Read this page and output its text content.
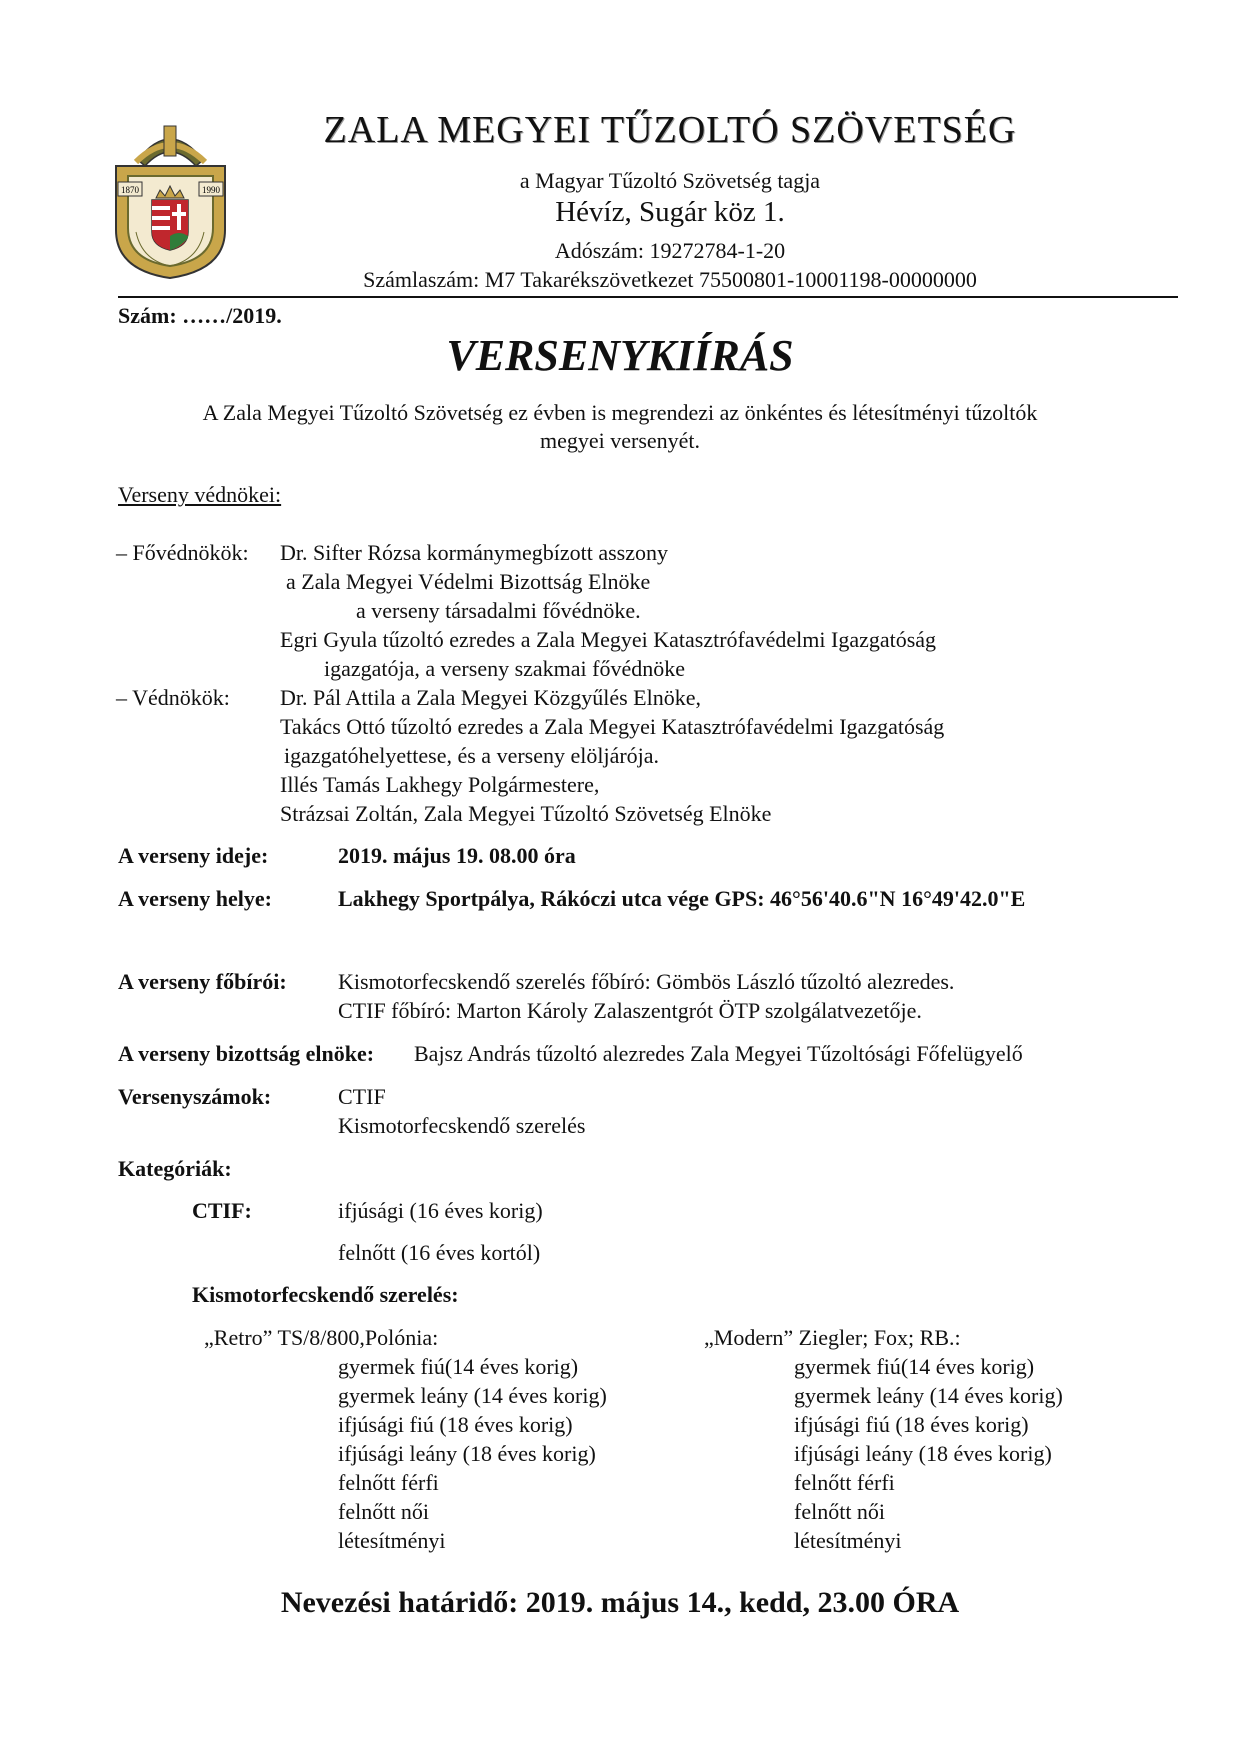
1870	1990
ZALA MEGYEI TŰZOLTÓ SZÖVETSÉG
a Magyar Tűzoltó Szövetség tagja
Hévíz, Sugár köz 1.
Adószám: 19272784-1-20
Számlaszám: M7 Takarékszövetkezet 75500801-10001198-00000000
Szám: ……/2019.
VERSENYKIÍRÁS
A Zala Megyei Tűzoltó Szövetség ez évben is megrendezi az önkéntes és létesítményi tűzoltók
megyei versenyét.
Verseny védnökei:
– Fővédnökök: Dr. Sifter Rózsa kormánymegbízott asszony
a Zala Megyei Védelmi Bizottság Elnöke
a verseny társadalmi fővédnöke.
Egri Gyula tűzoltó ezredes a Zala Megyei Katasztrófavédelmi Igazgatóság
igazgatója, a verseny szakmai fővédnöke
– Védnökök: Dr. Pál Attila a Zala Megyei Közgyűlés Elnöke,
Takács Ottó tűzoltó ezredes a Zala Megyei Katasztrófavédelmi Igazgatóság
igazgatóhelyettese, és a verseny elöljárója.
Illés Tamás Lakhegy Polgármestere,
Strázsai Zoltán, Zala Megyei Tűzoltó Szövetség Elnöke
A verseny ideje:	2019. május 19. 08.00 óra
A verseny helye:	Lakhegy Sportpálya, Rákóczi utca vége GPS: 46°56'40.6"N 16°49'42.0"E
A verseny főbírói: Kismotorfecskendő szerelés főbíró: Gömbös László tűzoltó alezredes.
CTIF főbíró: Marton Károly Zalaszentgrót ÖTP szolgálatvezetője.
A verseny bizottság elnöke: Bajsz András tűzoltó alezredes Zala Megyei Tűzoltósági Főfelügyelő
Versenyszámok:	CTIF
Kismotorfecskendő szerelés
Kategóriák:
CTIF:	ifjúsági (16 éves korig)
felnőtt (16 éves kortól)
Kismotorfecskendő szerelés:
„Retro” TS/8/800,Polónia:
gyermek fiú(14 éves korig)
gyermek leány (14 éves korig)
ifjúsági fiú (18 éves korig)
ifjúsági leány (18 éves korig)
felnőtt férfi
felnőtt női
létesítményi
„Modern” Ziegler; Fox; RB.:
gyermek fiú(14 éves korig)
gyermek leány (14 éves korig)
ifjúsági fiú (18 éves korig)
ifjúsági leány (18 éves korig)
felnőtt férfi
felnőtt női
létesítményi
Nevezési határidő: 2019. május 14., kedd, 23.00 ÓRA
